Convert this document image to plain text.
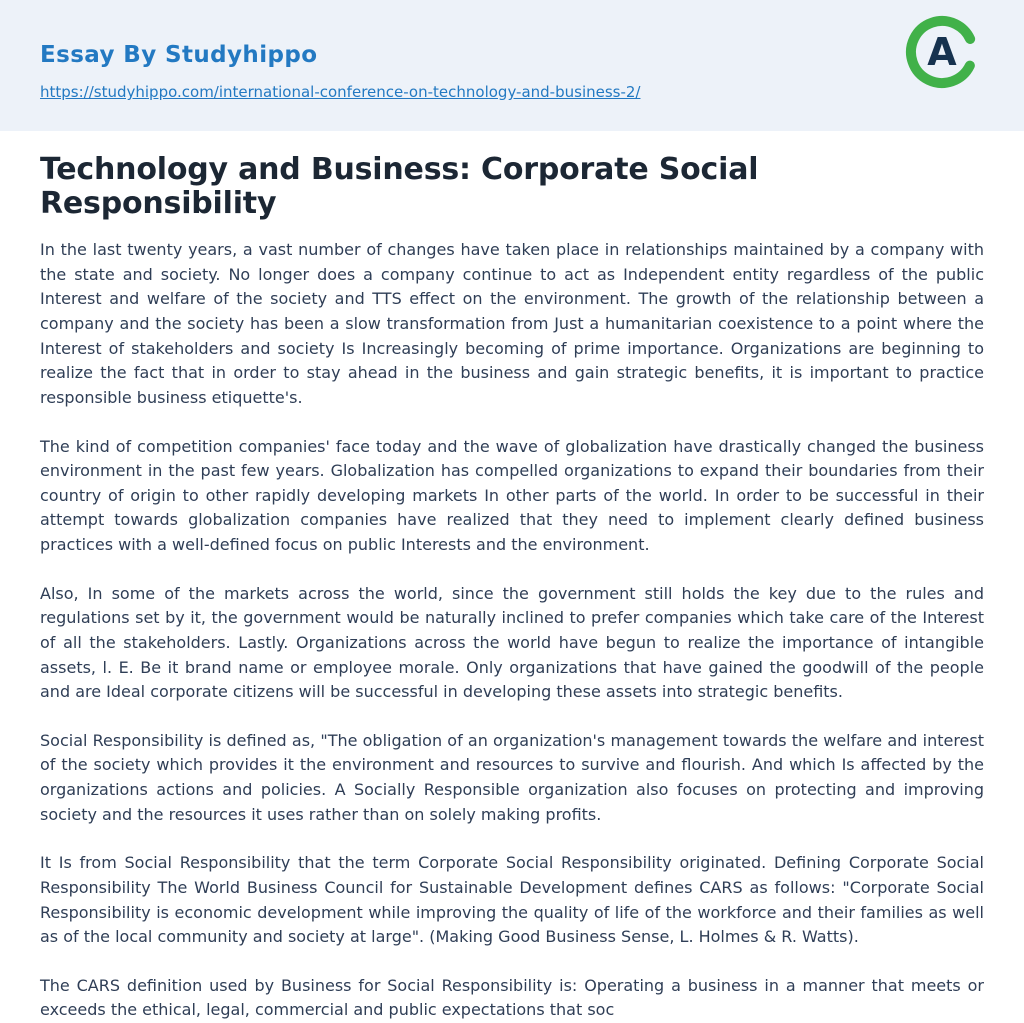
Essay By Studyhippo
https://studyhippo.com/international-conference-on-technology-and-business-2/
A
Technology and Business: Corporate Social Responsibility

In the last twenty years, a vast number of changes have taken place in relationships maintained by a company with the state and society. No longer does a company continue to act as Independent entity regardless of the public Interest and welfare of the society and TTS effect on the environment. The growth of the relationship between a company and the society has been a slow transformation from Just a humanitarian coexistence to a point where the Interest of stakeholders and society Is Increasingly becoming of prime importance. Organizations are beginning to realize the fact that in order to stay ahead in the business and gain strategic benefits, it is important to practice responsible business etiquette's.

The kind of competition companies' face today and the wave of globalization have drastically changed the business environment in the past few years. Globalization has compelled organizations to expand their boundaries from their country of origin to other rapidly developing markets In other parts of the world. In order to be successful in their attempt towards globalization companies have realized that they need to implement clearly defined business practices with a well-defined focus on public Interests and the environment.

Also, In some of the markets across the world, since the government still holds the key due to the rules and regulations set by it, the government would be naturally inclined to prefer companies which take care of the Interest of all the stakeholders. Lastly. Organizations across the world have begun to realize the importance of intangible assets, l. E. Be it brand name or employee morale. Only organizations that have gained the goodwill of the people and are Ideal corporate citizens will be successful in developing these assets into strategic benefits.

Social Responsibility is defined as, "The obligation of an organization's management towards the welfare and interest of the society which provides it the environment and resources to survive and flourish. And which Is affected by the organizations actions and policies. A Socially Responsible organization also focuses on protecting and improving society and the resources it uses rather than on solely making profits.

It Is from Social Responsibility that the term Corporate Social Responsibility originated. Defining Corporate Social Responsibility The World Business Council for Sustainable Development defines CARS as follows: "Corporate Social Responsibility is economic development while improving the quality of life of the workforce and their families as well as of the local community and society at large". (Making Good Business Sense, L. Holmes & R. Watts).

The CARS definition used by Business for Social Responsibility is: Operating a business in a manner that meets or exceeds the ethical, legal, commercial and public expectations that soc
